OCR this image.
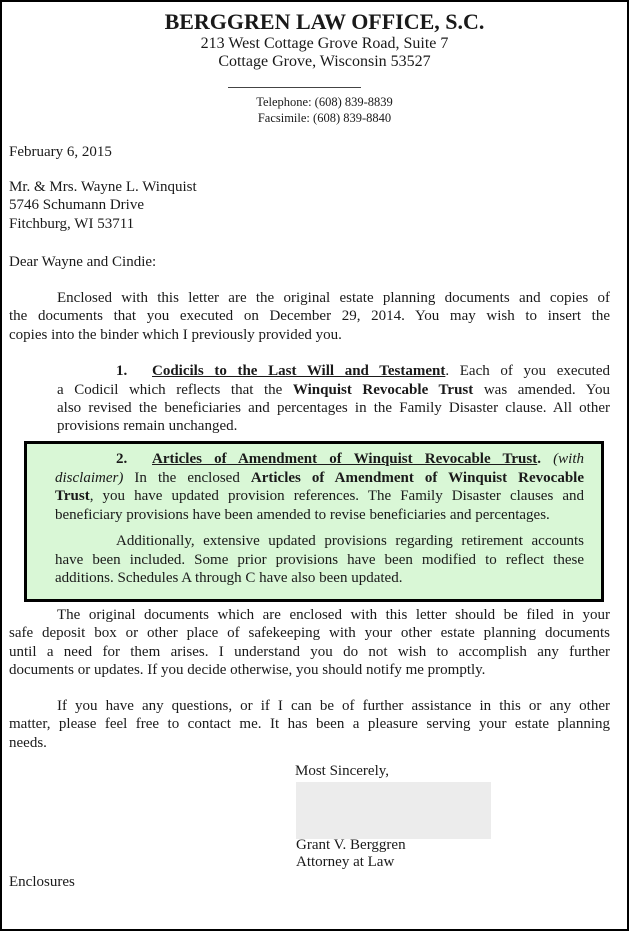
BERGGREN LAW OFFICE, S.C.
213 West Cottage Grove Road, Suite 7
Cottage Grove, Wisconsin 53527
Telephone: (608) 839-8839
Facsimile: (608) 839-8840
February 6, 2015
Mr. & Mrs. Wayne L. Winquist
5746 Schumann Drive
Fitchburg, WI 53711
Dear Wayne and Cindie:
Enclosed with this letter are the original estate planning documents and copies of
the documents that you executed on December 29, 2014. You may wish to insert the
copies into the binder which I previously provided you.
1. Codicils to the Last Will and Testament. Each of you executed
a Codicil which reflects that the Winquist Revocable Trust was amended. You
also revised the beneficiaries and percentages in the Family Disaster clause. All other
provisions remain unchanged.
2. Articles of Amendment of Winquist Revocable Trust. (with
disclaimer) In the enclosed Articles of Amendment of Winquist Revocable
Trust, you have updated provision references. The Family Disaster clauses and
beneficiary provisions have been amended to revise beneficiaries and percentages.
Additionally, extensive updated provisions regarding retirement accounts
have been included. Some prior provisions have been modified to reflect these
additions. Schedules A through C have also been updated.
The original documents which are enclosed with this letter should be filed in your
safe deposit box or other place of safekeeping with your other estate planning documents
until a need for them arises. I understand you do not wish to accomplish any further
documents or updates. If you decide otherwise, you should notify me promptly.
If you have any questions, or if I can be of further assistance in this or any other
matter, please feel free to contact me. It has been a pleasure serving your estate planning
needs.
Most Sincerely,
Grant V. Berggren
Attorney at Law
Enclosures
